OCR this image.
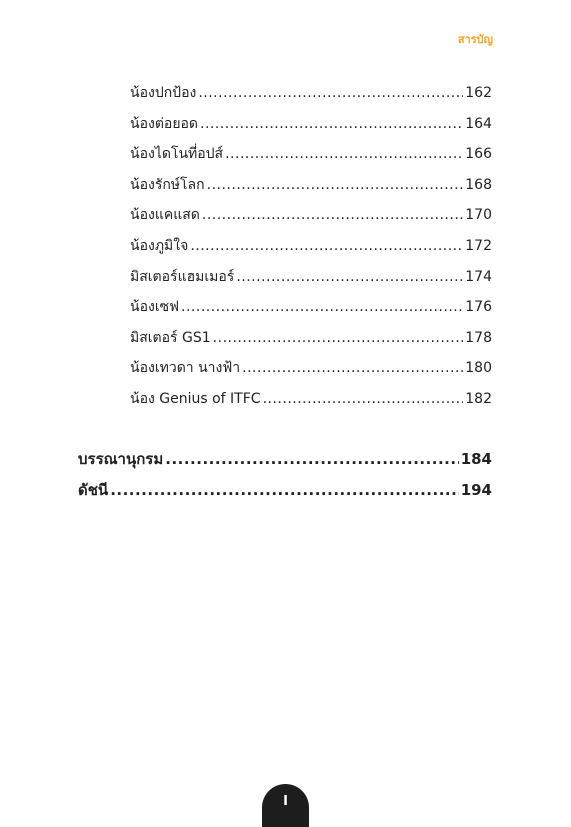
สารบัญ
น้องปกป้อง .....	162
น้องต่อยอด .....	164
น้องไดโนที่อปส์ .....	166
น้องรักษ์โลก .....	168
น้องแคแสด .....	170
น้องภูมิใจ .....	172
มิสเตอร์แฮมเมอร์ .....	174
น้องเซฟ .....	176
มิสเตอร์ GS1 .....	178
น้องเทวดา นางฟ้า .....	180
น้อง Genius of ITFC .....	182
บรรณานุกรม .....	184
ดัชนี .....	194
I
